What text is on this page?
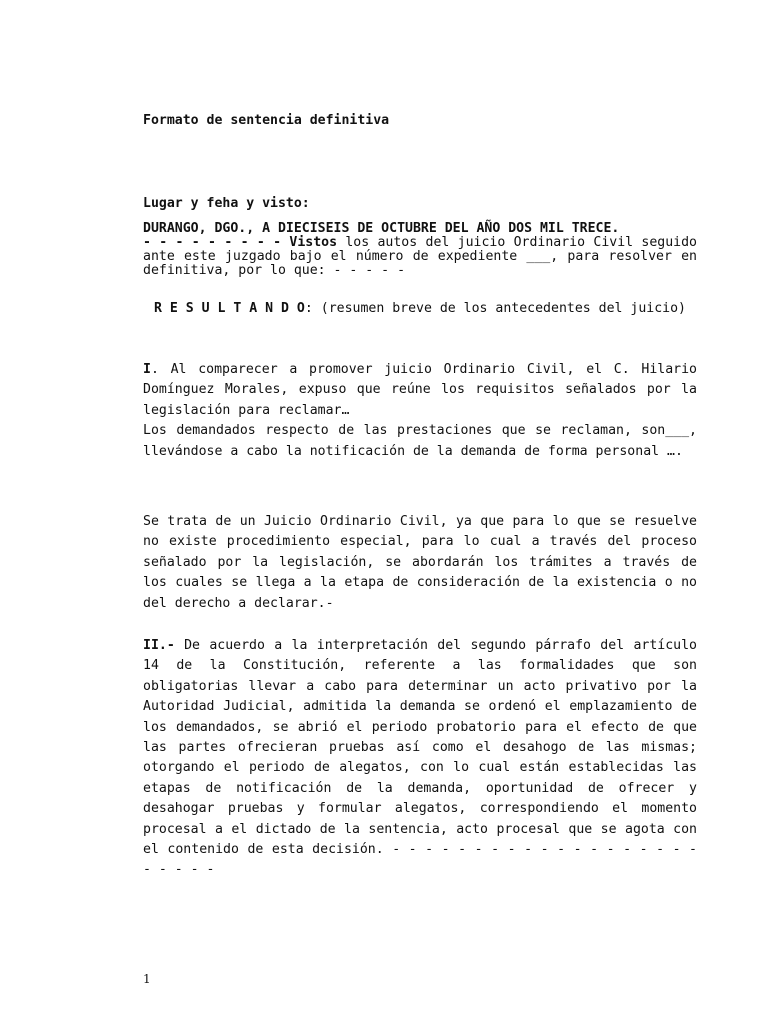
Formato de sentencia definitiva
Lugar y feha y visto:
DURANGO, DGO., A DIECISEIS DE OCTUBRE DEL AÑO DOS MIL TRECE.
- - - - - - - - - Vistos los autos del juicio Ordinario Civil seguido ante este juzgado bajo el número de expediente ___, para resolver en definitiva, por lo que: - - - - -
R E S U L T A N D O: (resumen breve de los antecedentes del juicio)
I. Al comparecer a promover juicio Ordinario Civil, el C. Hilario Domínguez Morales, expuso que reúne los requisitos señalados por la legislación para reclamar…
Los demandados respecto de las prestaciones que se reclaman, son___, llevándose a cabo la notificación de la demanda de forma personal ….
Se trata de un Juicio Ordinario Civil, ya que para lo que se resuelve no existe procedimiento especial, para lo cual a través del proceso señalado por la legislación, se abordarán los trámites a través de los cuales se llega a la etapa de consideración de la existencia o no del derecho a declarar.-
II.- De acuerdo a la interpretación del segundo párrafo del artículo 14 de la Constitución, referente a las formalidades que son obligatorias llevar a cabo para determinar un acto privativo por la Autoridad Judicial, admitida la demanda se ordenó el emplazamiento de los demandados, se abrió el periodo probatorio para el efecto de que las partes ofrecieran pruebas así como el desahogo de las mismas; otorgando el periodo de alegatos, con lo cual están establecidas las etapas de notificación de la demanda, oportunidad de ofrecer y desahogar pruebas y formular alegatos, correspondiendo el momento procesal a el dictado de la sentencia, acto procesal que se agota con el contenido de esta decisión. - - - - - - - - - - - - - - - - - - - - - - - -
1
